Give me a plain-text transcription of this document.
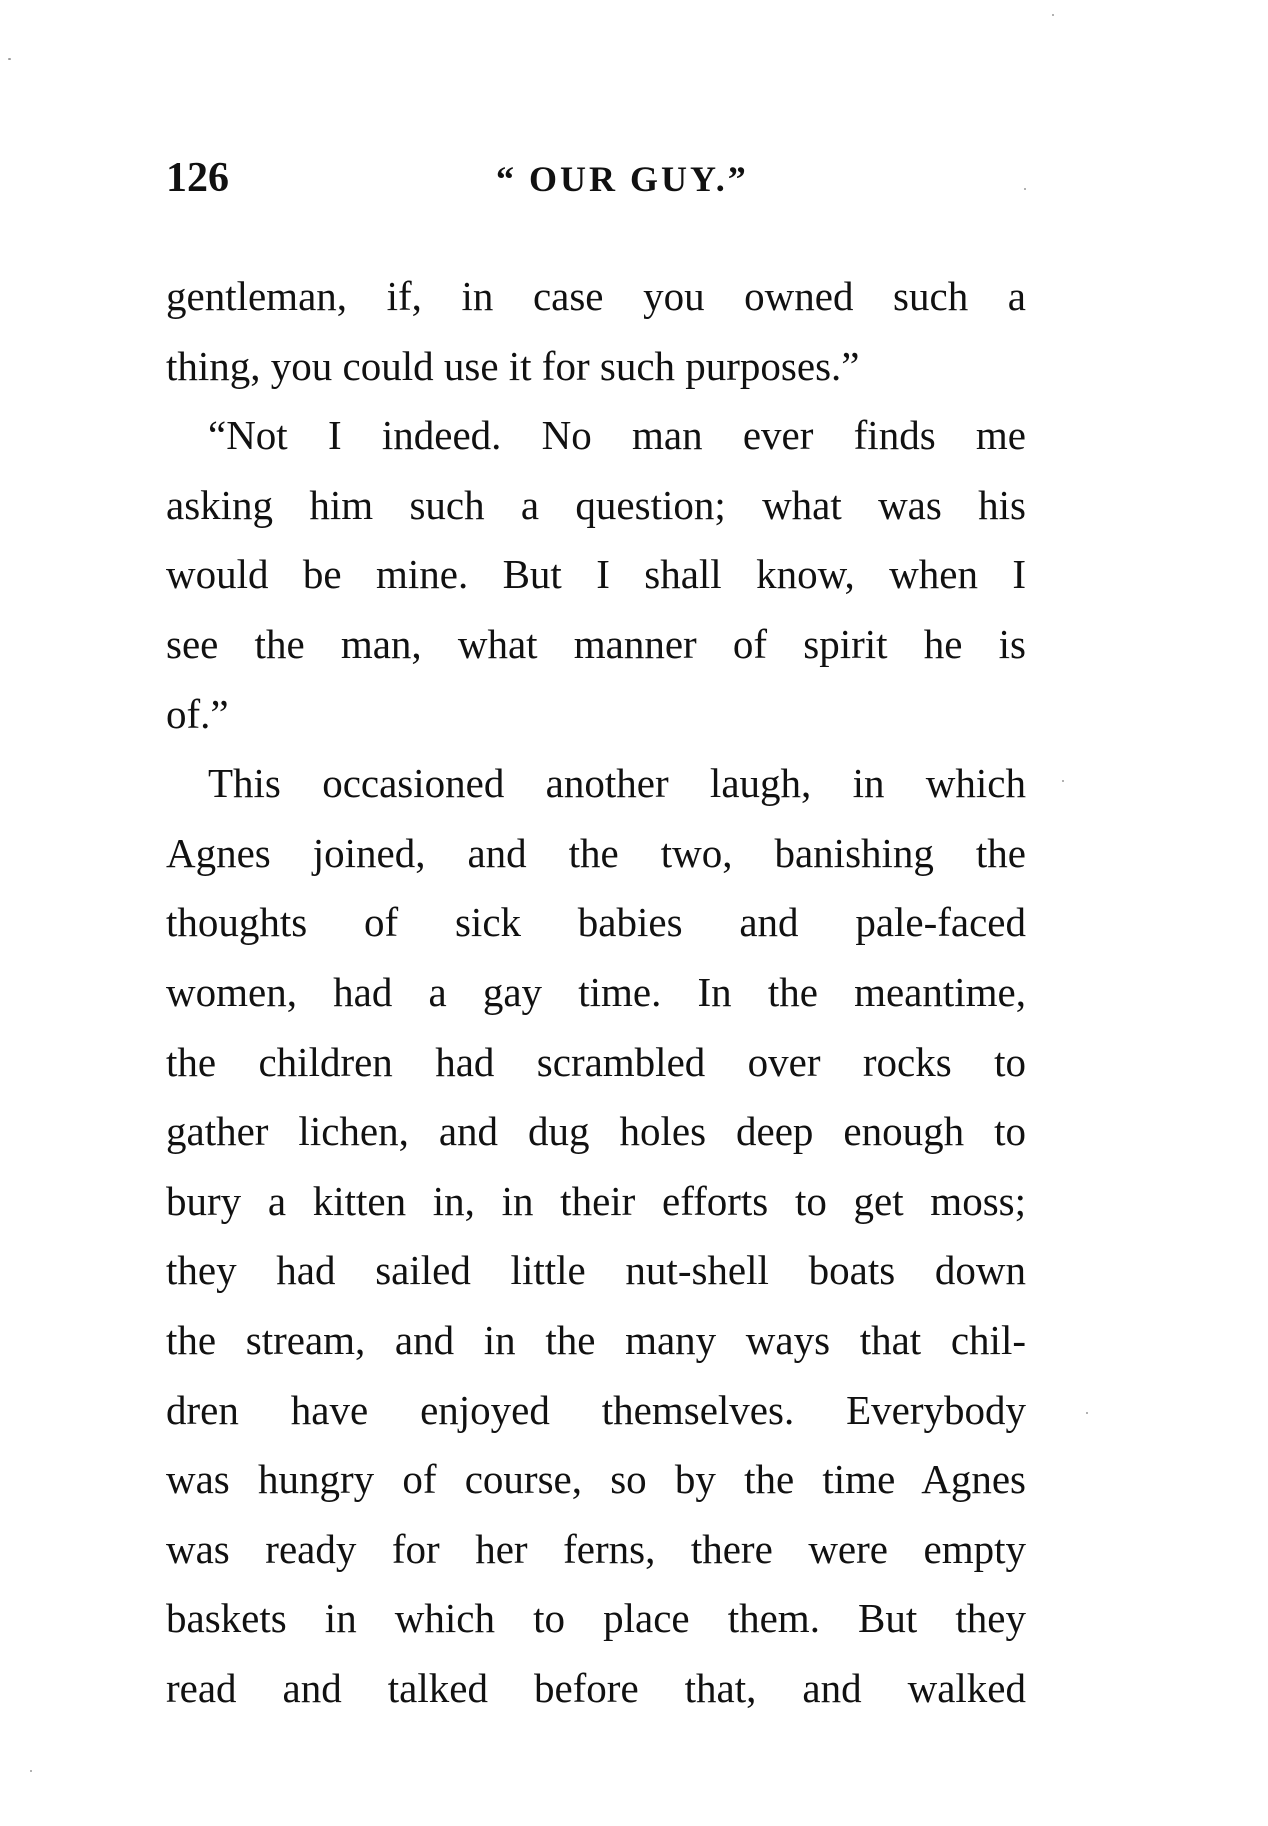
126	“ OUR GUY.”
gentleman, if, in case you owned such a
thing, you could use it for such purposes.”
“Not I indeed. No man ever finds me
asking him such a question; what was his
would be mine. But I shall know, when I
see the man, what manner of spirit he is
of.”
This occasioned another laugh, in which
Agnes joined, and the two, banishing the
thoughts of sick babies and pale-faced
women, had a gay time. In the meantime,
the children had scrambled over rocks to
gather lichen, and dug holes deep enough to
bury a kitten in, in their efforts to get moss;
they had sailed little nut-shell boats down
the stream, and in the many ways that chil-
dren have enjoyed themselves. Everybody
was hungry of course, so by the time Agnes
was ready for her ferns, there were empty
baskets in which to place them. But they
read and talked before that, and walked
